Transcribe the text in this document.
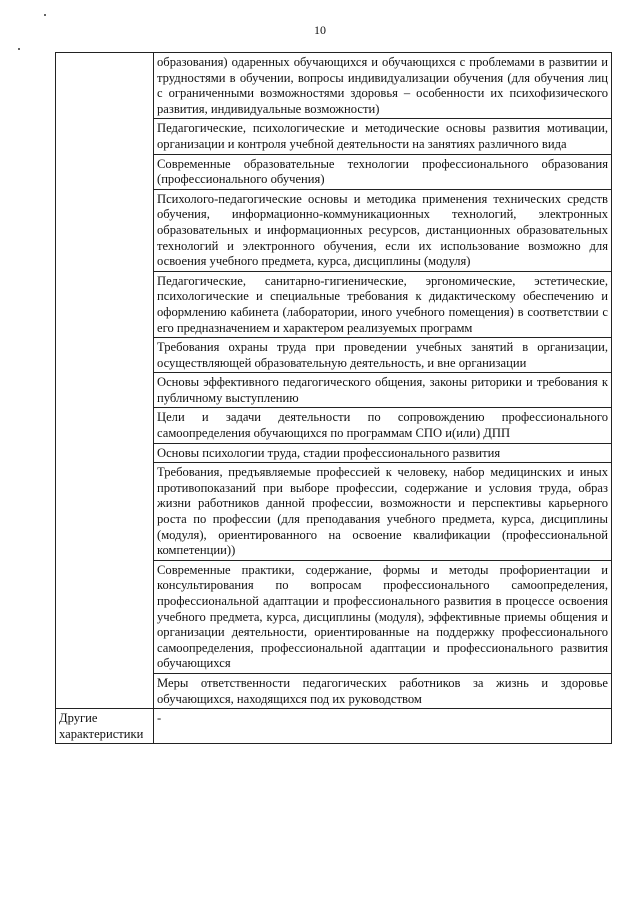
10
	образования) одаренных обучающихся и обучающихся с проблемами в развитии и трудностями в обучении, вопросы индивидуализации обучения (для обучения лиц с ограниченными возможностями здоровья – особенности их психофизического развития, индивидуальные возможности)
	Педагогические, психологические и методические основы развития мотивации, организации и контроля учебной деятельности на занятиях различного вида
	Современные образовательные технологии профессионального образования (профессионального обучения)
	Психолого-педагогические основы и методика применения технических средств обучения, информационно-коммуникационных технологий, электронных образовательных и информационных ресурсов, дистанционных образовательных технологий и электронного обучения, если их использование возможно для освоения учебного предмета, курса, дисциплины (модуля)
	Педагогические, санитарно-гигиенические, эргономические, эстетические, психологические и специальные требования к дидактическому обеспечению и оформлению кабинета (лаборатории, иного учебного помещения) в соответствии с его предназначением и характером реализуемых программ
	Требования охраны труда при проведении учебных занятий в организации, осуществляющей образовательную деятельность, и вне организации
	Основы эффективного педагогического общения, законы риторики и требования к публичному выступлению
	Цели и задачи деятельности по сопровождению профессионального самоопределения обучающихся по программам СПО и(или) ДПП
	Основы психологии труда, стадии профессионального развития
	Требования, предъявляемые профессией к человеку, набор медицинских и иных противопоказаний при выборе профессии, содержание и условия труда, образ жизни работников данной профессии, возможности и перспективы карьерного роста по профессии (для преподавания учебного предмета, курса, дисциплины (модуля), ориентированного на освоение квалификации (профессиональной компетенции))
	Современные практики, содержание, формы и методы профориентации и консультирования по вопросам профессионального самоопределения, профессиональной адаптации и профессионального развития в процессе освоения учебного предмета, курса, дисциплины (модуля), эффективные приемы общения и организации деятельности, ориентированные на поддержку профессионального самоопределения, профессиональной адаптации и профессионального развития обучающихся
	Меры ответственности педагогических работников за жизнь и здоровье обучающихся, находящихся под их руководством
Другие характеристики	-
